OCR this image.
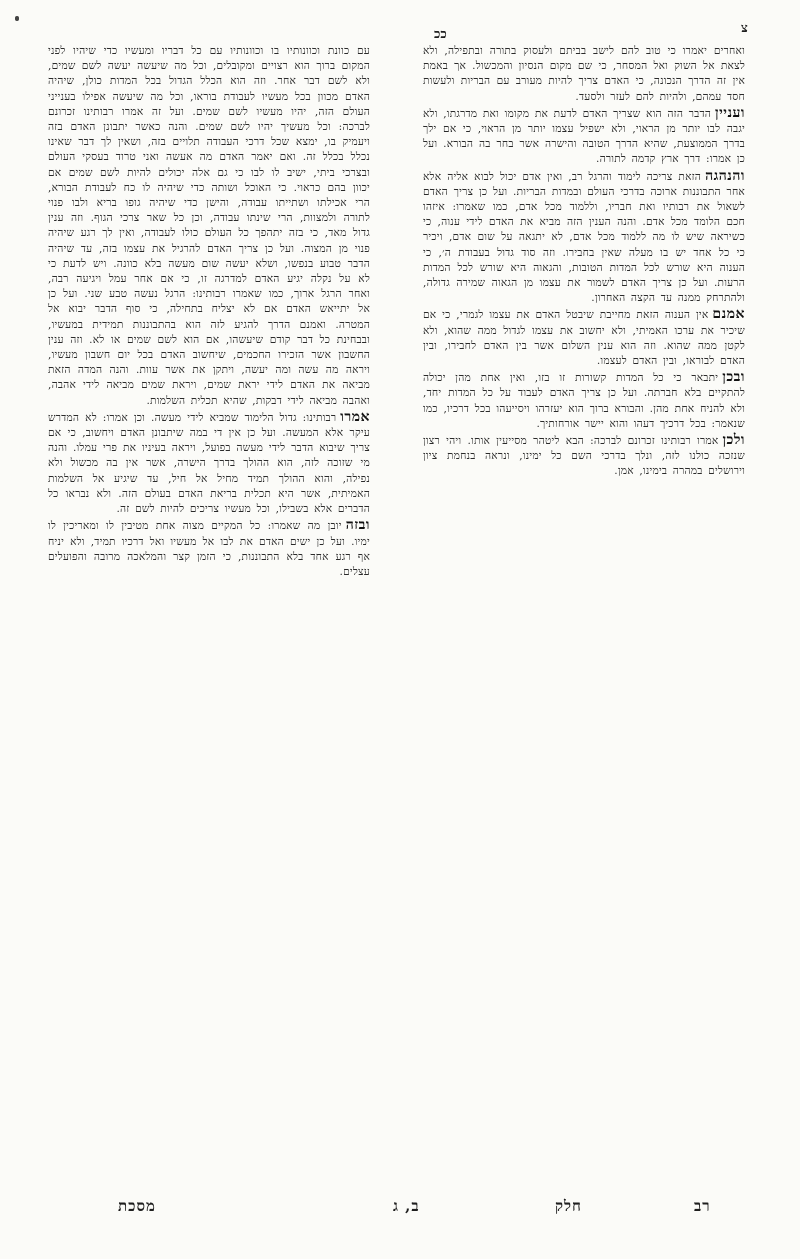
ככ	צ

עם כוונת וכוונותיו בו וכוונותיו עם כל דבריו ומעשיו כדי שיהיו לפני המקום ברוך הוא רצויים ומקובלים, וכל מה שיעשה יעשה לשם שמים, ולא לשם דבר אחר. וזה הוא הכלל הגדול בכל המדות כולן, שיהיה האדם מכוון בכל מעשיו לעבודת בוראו, וכל מה שיעשה אפילו בענייני העולם הזה, יהיו מעשיו לשם שמים. ועל זה אמרו רבותינו זכרונם לברכה: וכל מעשיך יהיו לשם שמים. והנה כאשר יתבונן האדם בזה ויעמיק בו, ימצא שכל דרכי העבודה תלויים בזה, ושאין לך דבר שאינו נכלל בכלל זה. ואם יאמר האדם מה אעשה ואני טרוד בעסקי העולם ובצרכי ביתי, ישיב לו לבו כי גם אלה יכולים להיות לשם שמים אם יכוון בהם כראוי. כי האוכל ושותה כדי שיהיה לו כח לעבודת הבורא, הרי אכילתו ושתייתו עבודה, והישן כדי שיהיה גופו בריא ולבו פנוי לתורה ולמצוות, הרי שינתו עבודה, וכן כל שאר צרכי הגוף. וזה ענין גדול מאד, כי בזה יתהפך כל העולם כולו לעבודה, ואין לך רגע שיהיה פנוי מן המצוה. ועל כן צריך האדם להרגיל את עצמו בזה, עד שיהיה הדבר טבוע בנפשו, ושלא יעשה שום מעשה בלא כוונה. ויש לדעת כי לא על נקלה יגיע האדם למדרגה זו, כי אם אחר עמל ויגיעה רבה, ואחר הרגל ארוך, כמו שאמרו רבותינו: הרגל נעשה טבע שני. ועל כן אל יתייאש האדם אם לא יצליח בתחילה, כי סוף הדבר יבוא אל המטרה. ואמנם הדרך להגיע לזה הוא בהתבוננות תמידית במעשיו, ובבחינת כל דבר קודם שיעשהו, אם הוא לשם שמים או לא. וזה ענין החשבון אשר הזכירו החכמים, שיחשוב האדם בכל יום חשבון מעשיו, ויראה מה עשה ומה יעשה, ויתקן את אשר עוות. והנה המדה הזאת מביאה את האדם לידי יראת שמים, ויראת שמים מביאה לידי אהבה, ואהבה מביאה לידי דבקות, שהיא תכלית השלמות.

אמרורבותינו: גדול הלימוד שמביא לידי מעשה. וכן אמרו: לא המדרש עיקר אלא המעשה. ועל כן אין די במה שיתבונן האדם ויחשוב, כי אם צריך שיבוא הדבר לידי מעשה בפועל, ויראה בעיניו את פרי עמלו. והנה מי שזוכה לזה, הוא ההולך בדרך הישרה, אשר אין בה מכשול ולא נפילה, והוא ההולך תמיד מחיל אל חיל, עד שיגיע אל השלמות האמיתית, אשר היא תכלית בריאת האדם בעולם הזה. ולא נבראו כל הדברים אלא בשבילו, וכל מעשיו צריכים להיות לשם זה.

ובזהיובן מה שאמרו: כל המקיים מצוה אחת מטיבין לו ומאריכין לו ימיו. ועל כן ישים האדם את לבו אל מעשיו ואל דרכיו תמיד, ולא יניח אף רגע אחד בלא התבוננות, כי הזמן קצר והמלאכה מרובה והפועלים עצלים.

ואחרים יאמרו כי טוב להם לישב בביתם ולעסוק בתורה ובתפילה, ולא לצאת אל השוק ואל המסחר, כי שם מקום הנסיון והמכשול. אך באמת אין זה הדרך הנכונה, כי האדם צריך להיות מעורב עם הבריות ולעשות חסד עמהם, ולהיות להם לעזר ולסעד.

וענייןהדבר הזה הוא שצריך האדם לדעת את מקומו ואת מדרגתו, ולא יגבה לבו יותר מן הראוי, ולא ישפיל עצמו יותר מן הראוי, כי אם ילך בדרך הממוצעת, שהיא הדרך הטובה והישרה אשר בחר בה הבורא. ועל כן אמרו: דרך ארץ קדמה לתורה.

והנהגההזאת צריכה לימוד והרגל רב, ואין אדם יכול לבוא אליה אלא אחר התבוננות ארוכה בדרכי העולם ובמדות הבריות. ועל כן צריך האדם לשאול את רבותיו ואת חבריו, וללמוד מכל אדם, כמו שאמרו: איזהו חכם הלומד מכל אדם. והנה הענין הזה מביא את האדם לידי ענוה, כי כשיראה שיש לו מה ללמוד מכל אדם, לא יתגאה על שום אדם, ויכיר כי כל אחד יש בו מעלה שאין בחבירו. וזה סוד גדול בעבודת ה׳, כי הענוה היא שורש לכל המדות הטובות, והגאוה היא שורש לכל המדות הרעות. ועל כן צריך האדם לשמור את עצמו מן הגאוה שמירה גדולה, ולהתרחק ממנה עד הקצה האחרון.

אמנםאין הענוה הזאת מחייבת שיבטל האדם את עצמו לגמרי, כי אם שיכיר את ערכו האמיתי, ולא יחשוב את עצמו לגדול ממה שהוא, ולא לקטן ממה שהוא. וזה הוא ענין השלום אשר בין האדם לחבירו, ובין האדם לבוראו, ובין האדם לעצמו.

ובכןיתבאר כי כל המדות קשורות זו בזו, ואין אחת מהן יכולה להתקיים בלא חברתה. ועל כן צריך האדם לעבוד על כל המדות יחד, ולא להניח אחת מהן. והבורא ברוך הוא יעזרהו ויסייעהו בכל דרכיו, כמו שנאמר: בכל דרכיך דעהו והוא יישר אורחותיך.

ולכןאמרו רבותינו זכרונם לברכה: הבא ליטהר מסייעין אותו. ויהי רצון שנזכה כולנו לזה, ונלך בדרכי השם כל ימינו, ונראה בנחמת ציון וירושלים במהרה בימינו, אמן.

מסכת	ב, ג	חלק	רב
